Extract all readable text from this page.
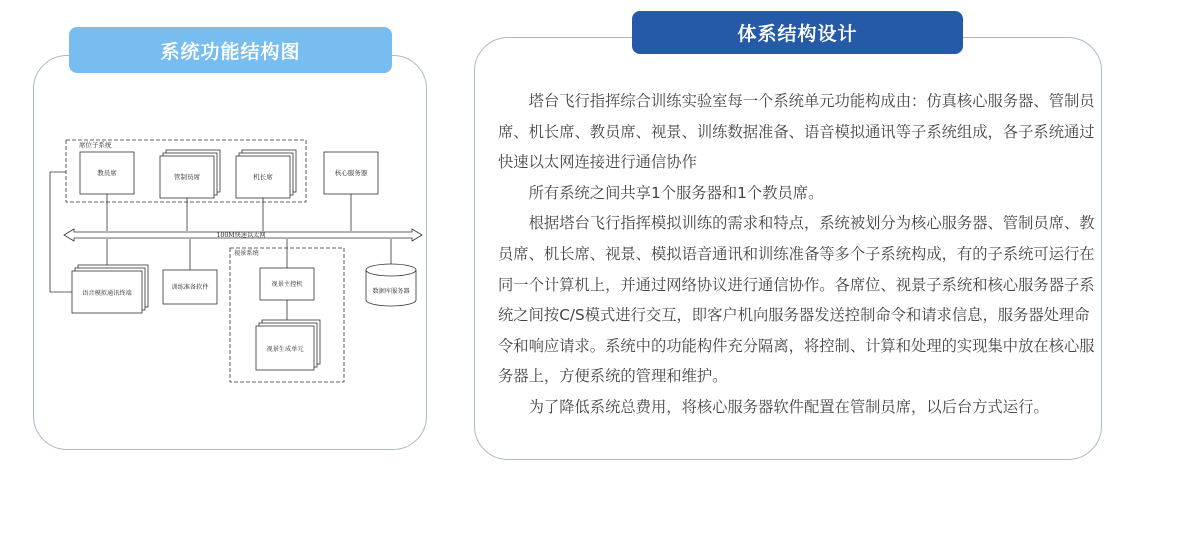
系统功能结构图
席位子系统
教员席	管制员席	机长席	核心服务器
100M快速以太网
语音模拟通讯终端
训练准备软件
视景系统
视景主控机
视景生成单元
数据库服务器
体系结构设计

塔台飞行指挥综合训练实验室每一个系统单元功能构成由：仿真核心服务器、管制员席、机长席、教员席、视景、训练数据准备、语音模拟通讯等子系统组成，各子系统通过快速以太网连接进行通信协作

所有系统之间共享1个服务器和1个教员席。

根据塔台飞行指挥模拟训练的需求和特点，系统被划分为核心服务器、管制员席、教员席、机长席、视景、模拟语音通讯和训练准备等多个子系统构成，有的子系统可运行在同一个计算机上，并通过网络协议进行通信协作。各席位、视景子系统和核心服务器子系统之间按C/S模式进行交互，即客户机向服务器发送控制命令和请求信息，服务器处理命令和响应请求。系统中的功能构件充分隔离，将控制、计算和处理的实现集中放在核心服务器上，方便系统的管理和维护。

为了降低系统总费用，将核心服务器软件配置在管制员席，以后台方式运行。
